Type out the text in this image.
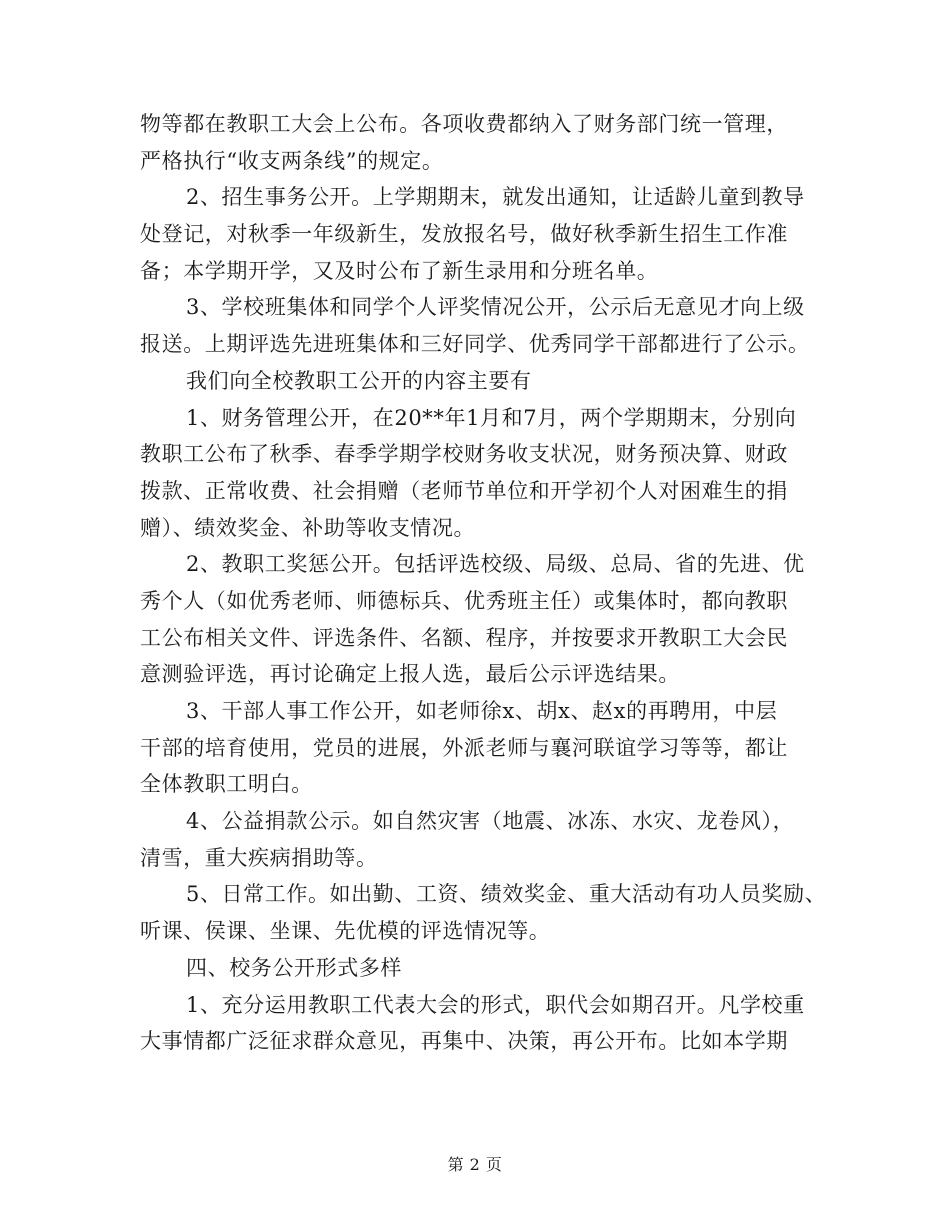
物等都在教职工大会上公布。各项收费都纳入了财务部门统一管理，
严格执行“收支两条线”的规定。
2、招生事务公开。上学期期末，就发出通知，让适龄儿童到教导
处登记，对秋季一年级新生，发放报名号，做好秋季新生招生工作准
备；本学期开学，又及时公布了新生录用和分班名单。
3、学校班集体和同学个人评奖情况公开，公示后无意见才向上级
报送。上期评选先进班集体和三好同学、优秀同学干部都进行了公示。
我们向全校教职工公开的内容主要有
1、财务管理公开，在20**年1月和7月，两个学期期末，分别向
教职工公布了秋季、春季学期学校财务收支状况，财务预决算、财政
拨款、正常收费、社会捐赠（老师节单位和开学初个人对困难生的捐
赠）、绩效奖金、补助等收支情况。
2、教职工奖惩公开。包括评选校级、局级、总局、省的先进、优
秀个人（如优秀老师、师德标兵、优秀班主任）或集体时，都向教职
工公布相关文件、评选条件、名额、程序，并按要求开教职工大会民
意测验评选，再讨论确定上报人选，最后公示评选结果。
3、干部人事工作公开，如老师徐x、胡x、赵x的再聘用，中层
干部的培育使用，党员的进展，外派老师与襄河联谊学习等等，都让
全体教职工明白。
4、公益捐款公示。如自然灾害（地震、冰冻、水灾、龙卷风），
清雪，重大疾病捐助等。
5、日常工作。如出勤、工资、绩效奖金、重大活动有功人员奖励、
听课、侯课、坐课、先优模的评选情况等。
四、校务公开形式多样
1、充分运用教职工代表大会的形式，职代会如期召开。凡学校重
大事情都广泛征求群众意见，再集中、决策，再公开布。比如本学期
第 2 页
